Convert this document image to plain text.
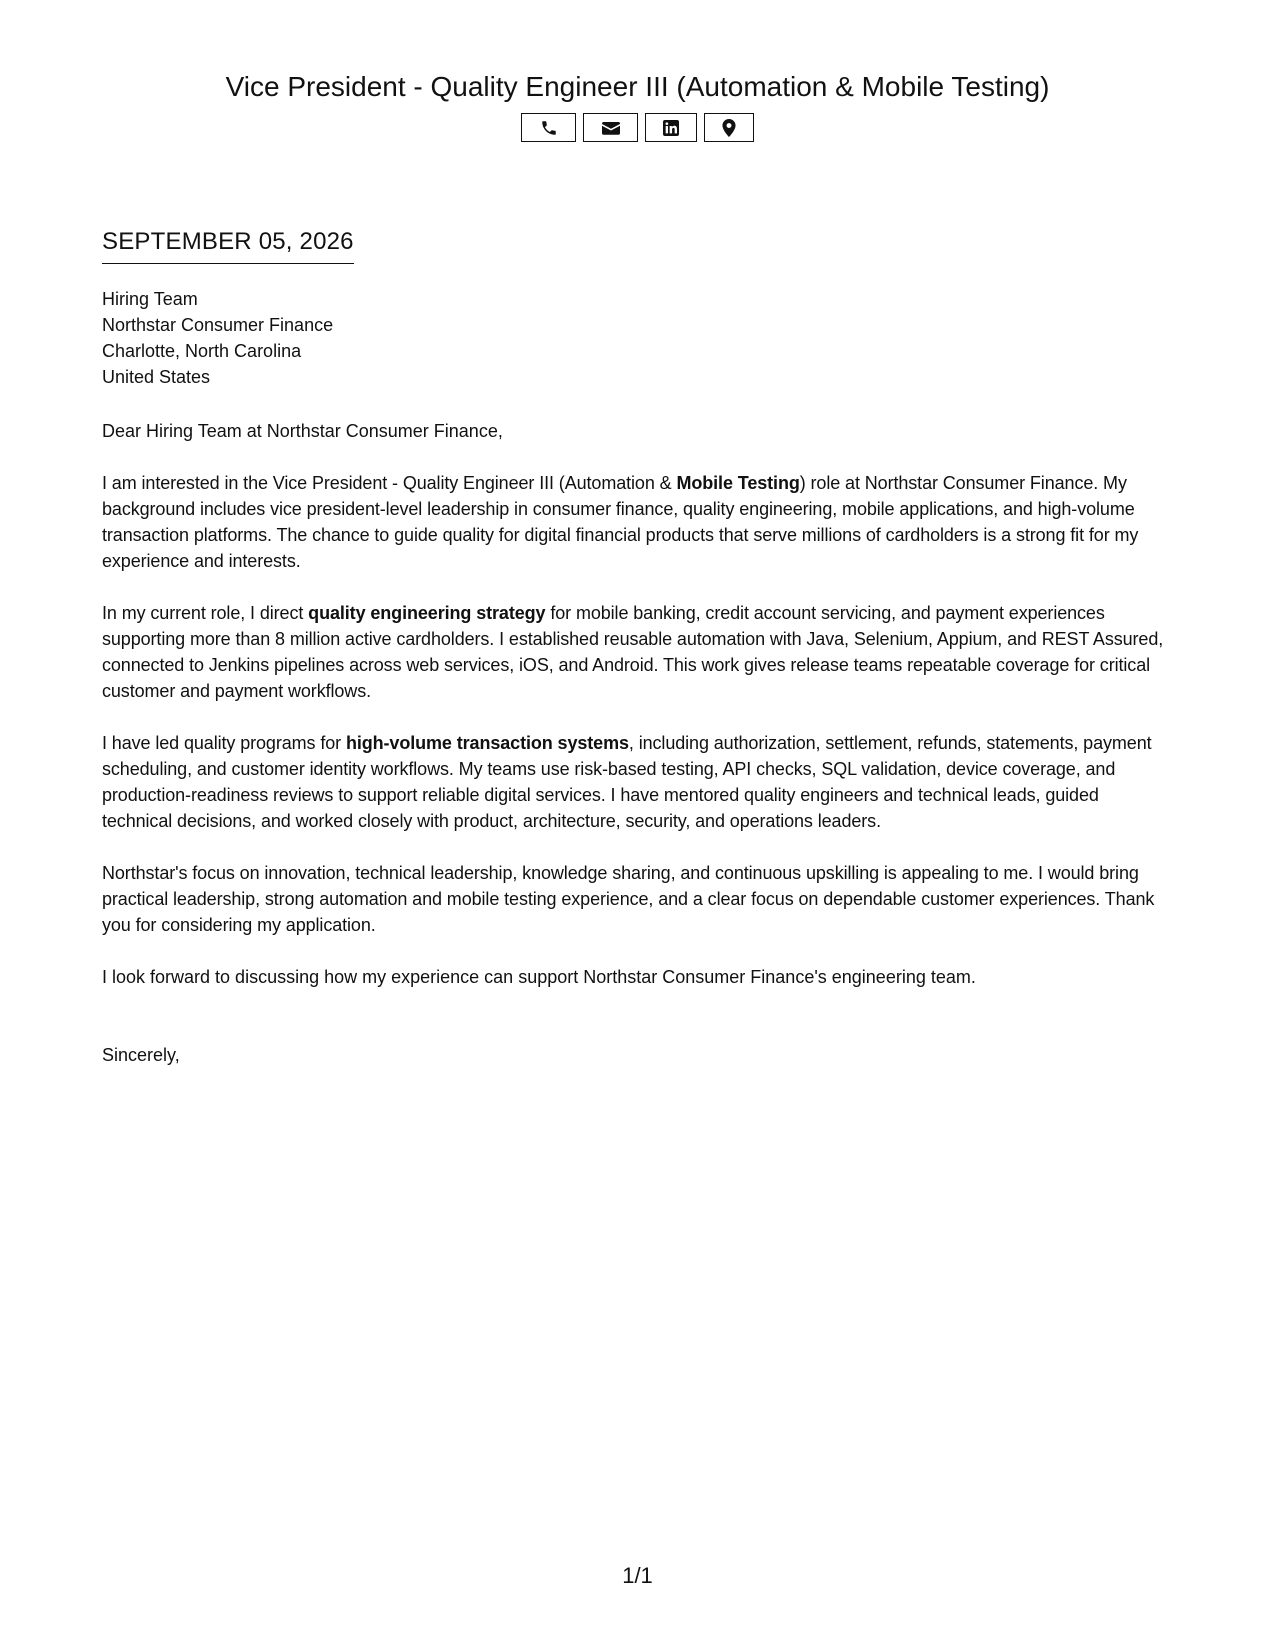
Vice President - Quality Engineer III (Automation & Mobile Testing)
SEPTEMBER 05, 2026
Hiring Team
Northstar Consumer Finance
Charlotte, North Carolina
United States
Dear Hiring Team at Northstar Consumer Finance,
I am interested in the Vice President - Quality Engineer III (Automation & Mobile Testing) role at Northstar Consumer Finance. My background includes vice president-level leadership in consumer finance, quality engineering, mobile applications, and high-volume transaction platforms. The chance to guide quality for digital financial products that serve millions of cardholders is a strong fit for my experience and interests.
In my current role, I direct quality engineering strategy for mobile banking, credit account servicing, and payment experiences supporting more than 8 million active cardholders. I established reusable automation with Java, Selenium, Appium, and REST Assured, connected to Jenkins pipelines across web services, iOS, and Android. This work gives release teams repeatable coverage for critical customer and payment workflows.
I have led quality programs for high-volume transaction systems, including authorization, settlement, refunds, statements, payment scheduling, and customer identity workflows. My teams use risk-based testing, API checks, SQL validation, device coverage, and production-readiness reviews to support reliable digital services. I have mentored quality engineers and technical leads, guided technical decisions, and worked closely with product, architecture, security, and operations leaders.
Northstar's focus on innovation, technical leadership, knowledge sharing, and continuous upskilling is appealing to me. I would bring practical leadership, strong automation and mobile testing experience, and a clear focus on dependable customer experiences. Thank you for considering my application.
I look forward to discussing how my experience can support Northstar Consumer Finance's engineering team.
Sincerely,
1/1
